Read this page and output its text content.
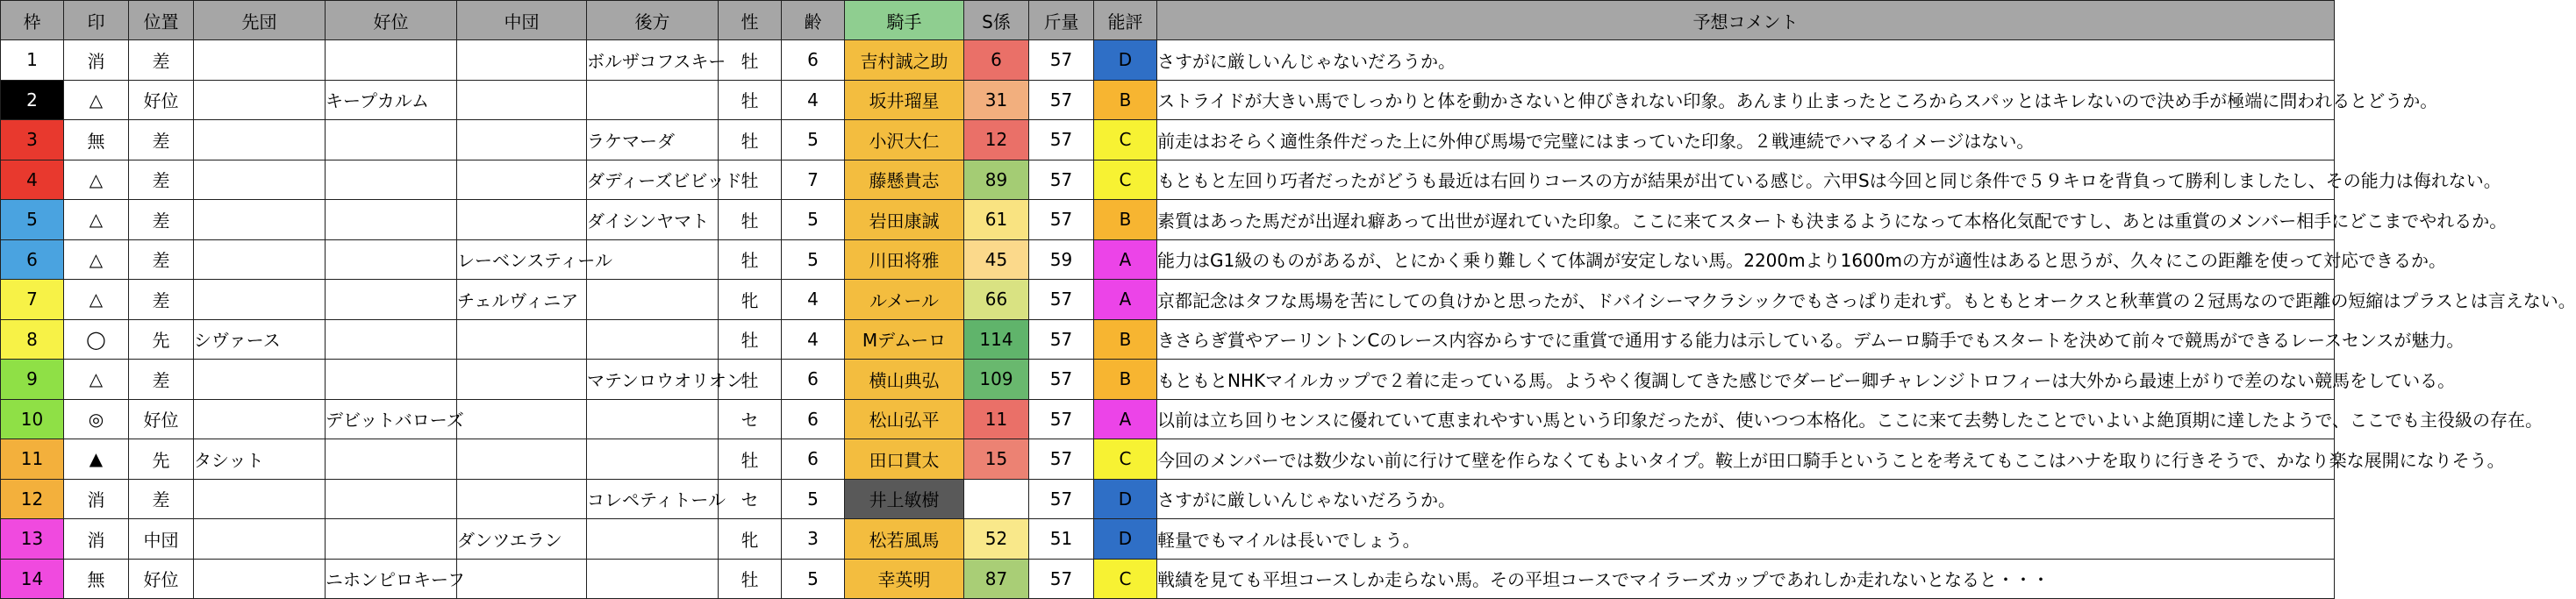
枠	印	位置	先団	好位	中団	後方	性	齢	騎手	S係	斤量	能評	予想コメント
1	消	差				ボルザコフスキー	牡	6	吉村誠之助	6	57	D	さすがに厳しいんじゃないだろうか。
2	△	好位		キープカルム			牡	4	坂井瑠星	31	57	B	ストライドが大きい馬でしっかりと体を動かさないと伸びきれない印象。あんまり止まったところからスパッとはキレないので決め手が極端に問われるとどうか。
3	無	差				ラケマーダ	牡	5	小沢大仁	12	57	C	前走はおそらく適性条件だった上に外伸び馬場で完璧にはまっていた印象。２戦連続でハマるイメージはない。
4	△	差				ダディーズビビッド	牡	7	藤懸貴志	89	57	C	もともと左回り巧者だったがどうも最近は右回りコースの方が結果が出ている感じ。六甲Sは今回と同じ条件で５９キロを背負って勝利しましたし、その能力は侮れない。
5	△	差				ダイシンヤマト	牡	5	岩田康誠	61	57	B	素質はあった馬だが出遅れ癖あって出世が遅れていた印象。ここに来てスタートも決まるようになって本格化気配ですし、あとは重賞のメンバー相手にどこまでやれるか。
6	△	差			レーベンスティール		牡	5	川田将雅	45	59	A	能力はG1級のものがあるが、とにかく乗り難しくて体調が安定しない馬。2200mより1600mの方が適性はあると思うが、久々にこの距離を使って対応できるか。
7	△	差			チェルヴィニア		牝	4	ルメール	66	57	A	京都記念はタフな馬場を苦にしての負けかと思ったが、ドバイシーマクラシックでもさっぱり走れず。もともとオークスと秋華賞の２冠馬なので距離の短縮はプラスとは言えない。
8	◯	先	シヴァース				牡	4	Mデムーロ	114	57	B	きさらぎ賞やアーリントンCのレース内容からすでに重賞で通用する能力は示している。デムーロ騎手でもスタートを決めて前々で競馬ができるレースセンスが魅力。
9	△	差				マテンロウオリオン	牡	6	横山典弘	109	57	B	もともとNHKマイルカップで２着に走っている馬。ようやく復調してきた感じでダービー卿チャレンジトロフィーは大外から最速上がりで差のない競馬をしている。
10	◎	好位		デビットバローズ			セ	6	松山弘平	11	57	A	以前は立ち回りセンスに優れていて恵まれやすい馬という印象だったが、使いつつ本格化。ここに来て去勢したことでいよいよ絶頂期に達したようで、ここでも主役級の存在。
11	▲	先	タシット				牡	6	田口貫太	15	57	C	今回のメンバーでは数少ない前に行けて壁を作らなくてもよいタイプ。鞍上が田口騎手ということを考えてもここはハナを取りに行きそうで、かなり楽な展開になりそう。
12	消	差				コレペティトール	セ	5	井上敏樹		57	D	さすがに厳しいんじゃないだろうか。
13	消	中団			ダンツエラン		牝	3	松若風馬	52	51	D	軽量でもマイルは長いでしょう。
14	無	好位		ニホンピロキーフ			牡	5	幸英明	87	57	C	戦績を見ても平坦コースしか走らない馬。その平坦コースでマイラーズカップであれしか走れないとなると・・・
